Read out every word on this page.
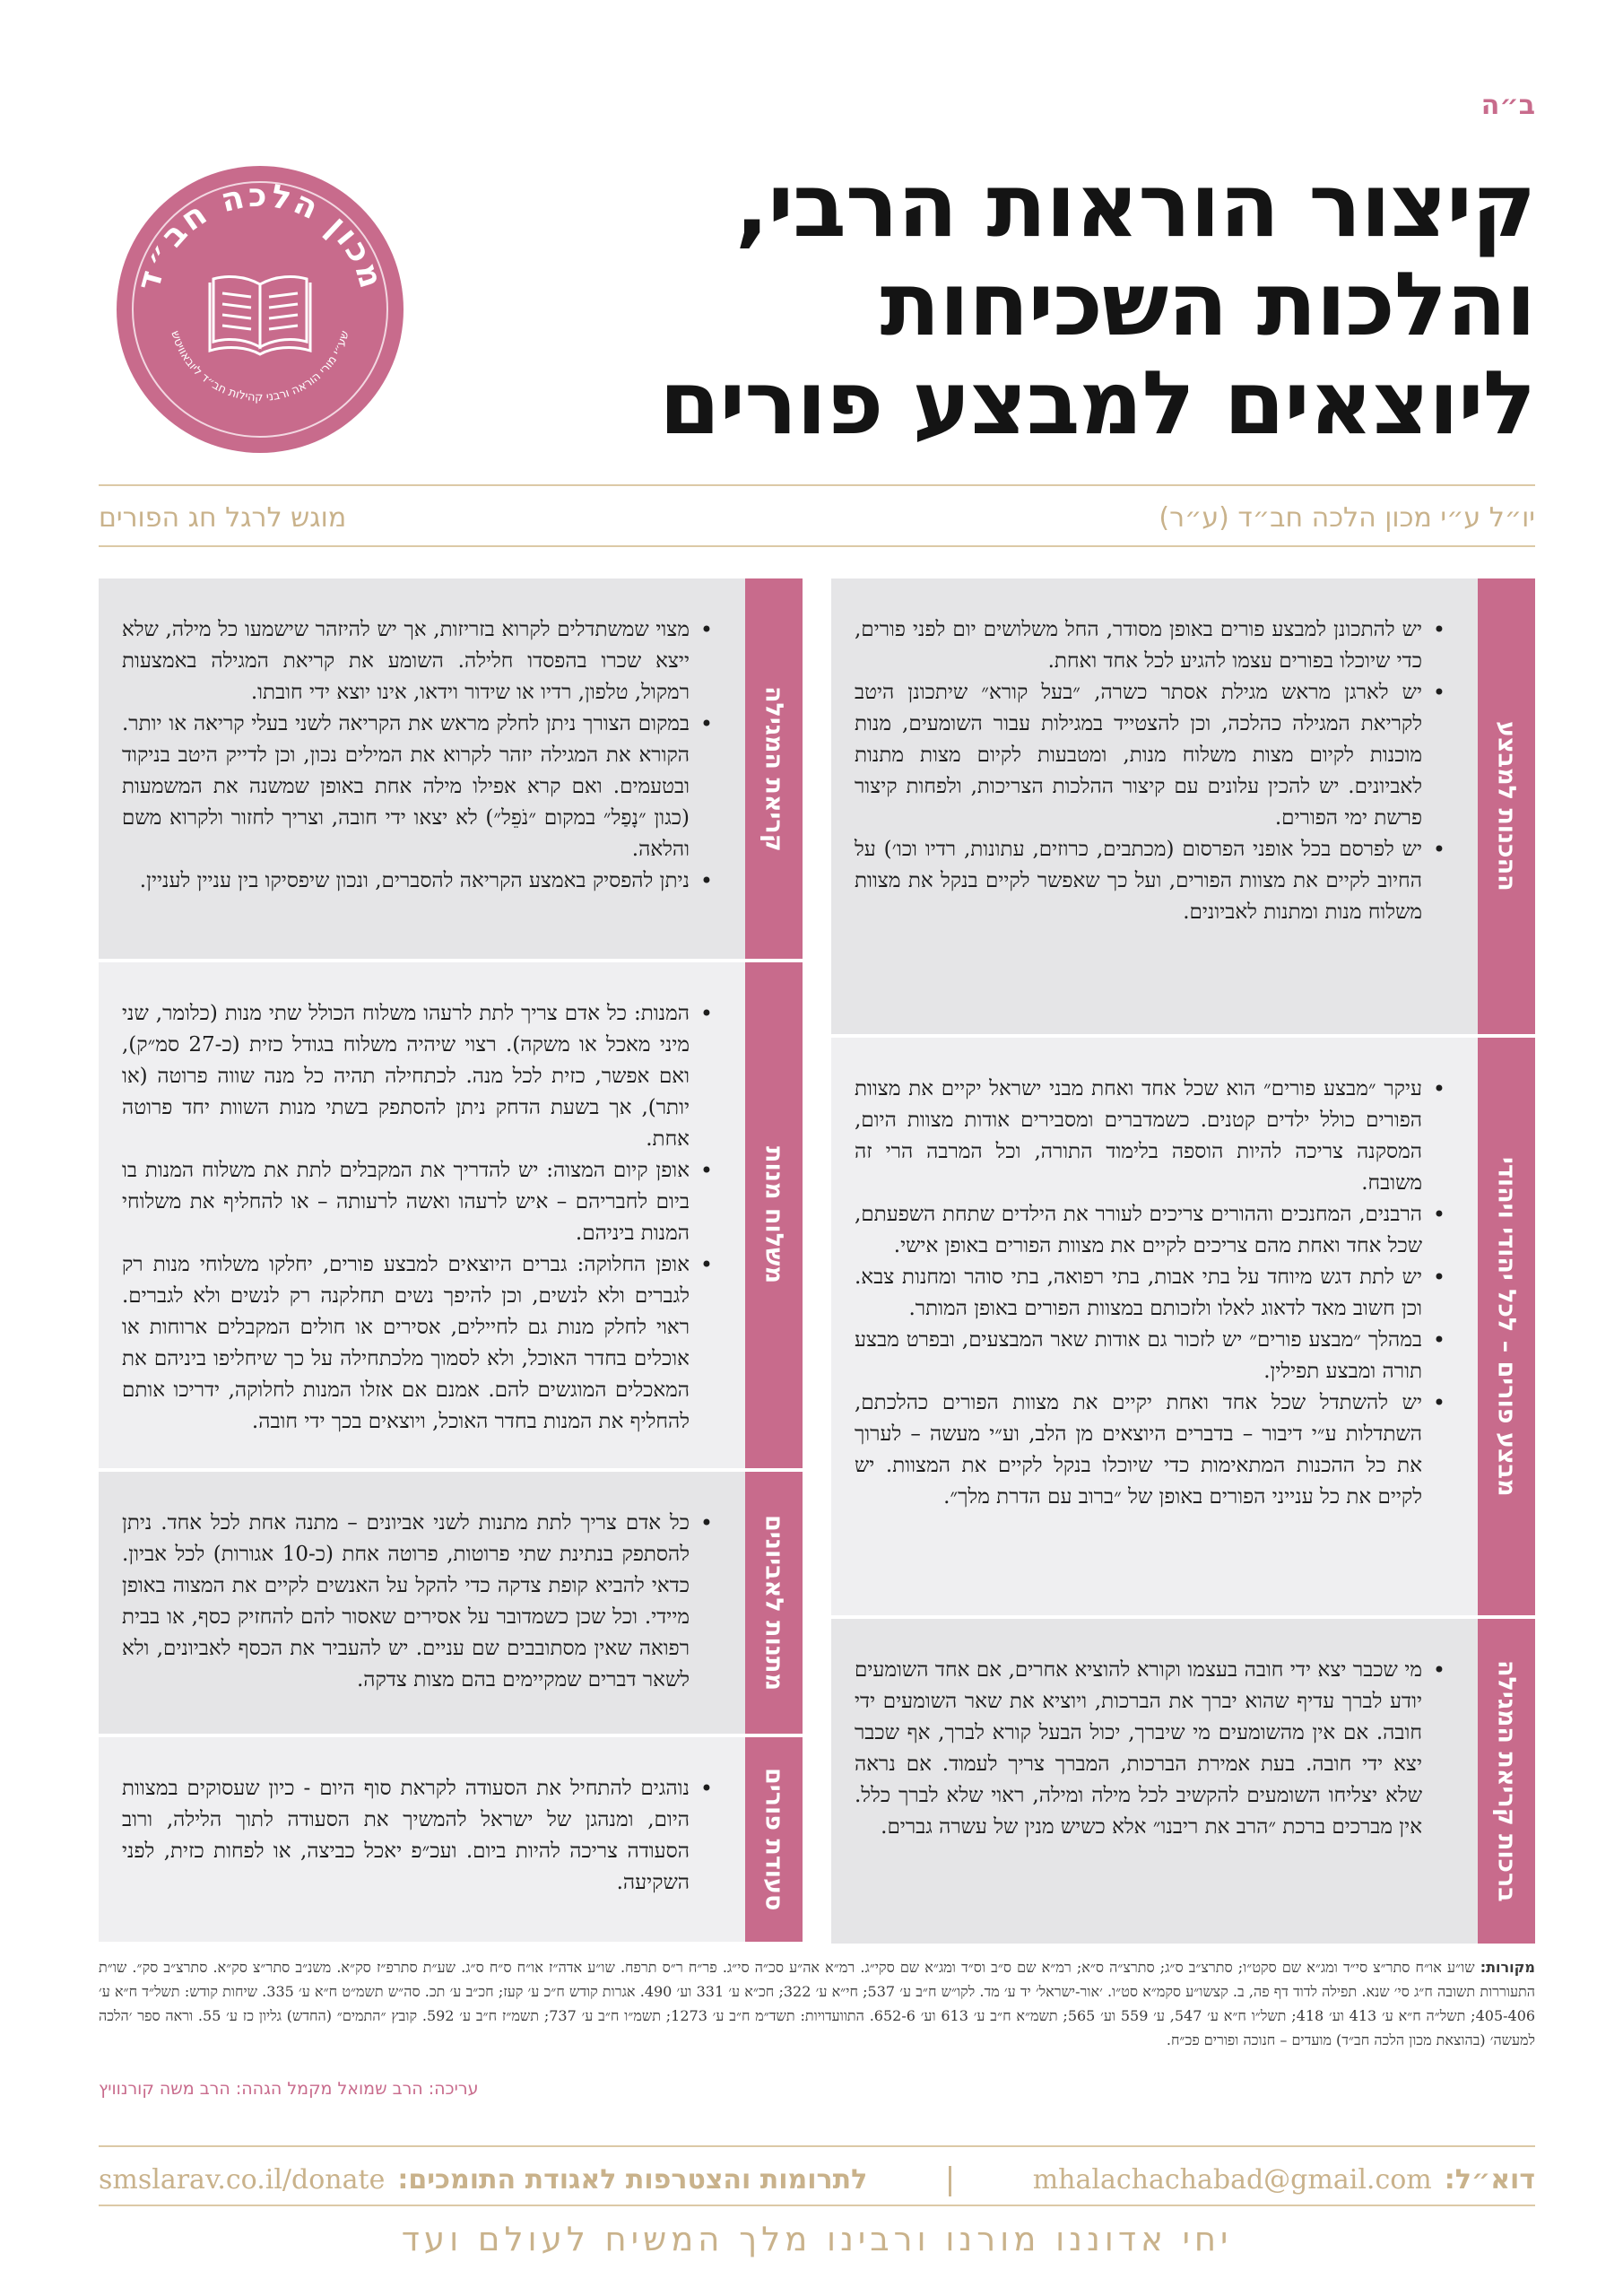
ב״ה
קיצור הוראות הרבי,
והלכות השכיחות
ליוצאים למבצע פורים
מכון הלכה חב״ד
שע״י מורי הוראה ורבני קהילות חב״ד ליובאוויטש
יו״ל ע״י מכון הלכה חב״ד (ע״ר)
מוגש לרגל חג הפורים
ההכנות למבצע
• יש להתכונן למבצע פורים באופן מסודר, החל משלושים יום לפני פורים, כדי שיוכלו בפורים עצמו להגיע לכל אחד ואחת.
• יש לארגן מראש מגילת אסתר כשרה, ״בעל קורא״ שיתכונן היטב לקריאת המגילה כהלכה, וכן להצטייד במגילות עבור השומעים, מנות מוכנות לקיום מצות משלוח מנות, ומטבעות לקיום מצות מתנות לאביונים. יש להכין עלונים עם קיצור ההלכות הצריכות, ולפחות קיצור פרשת ימי הפורים.
• יש לפרסם בכל אופני הפרסום (מכתבים, כרוזים, עתונות, רדיו וכו׳) על החיוב לקיים את מצוות הפורים, ועל כך שאפשר לקיים בנקל את מצוות משלוח מנות ומתנות לאביונים.
מבצע פורים – לכל יהודי ויהודי
• עיקר ״מבצע פורים״ הוא שכל אחד ואחת מבני ישראל יקיים את מצוות הפורים כולל ילדים קטנים. כשמדברים ומסבירים אודות מצוות היום, המסקנה צריכה להיות הוספה בלימוד התורה, וכל המרבה הרי זה משובח.
• הרבנים, המחנכים וההורים צריכים לעורר את הילדים שתחת השפעתם, שכל אחד ואחת מהם צריכים לקיים את מצוות הפורים באופן אישי.
• יש לתת דגש מיוחד על בתי אבות, בתי רפואה, בתי סוהר ומחנות צבא. וכן חשוב מאד לדאוג לאלו ולזכותם במצוות הפורים באופן המותר.
• במהלך ״מבצע פורים״ יש לזכור גם אודות שאר המבצעים, ובפרט מבצע תורה ומבצע תפילין.
• יש להשתדל שכל אחד ואחת יקיים את מצוות הפורים כהלכתם, השתדלות ע״י דיבור – בדברים היוצאים מן הלב, וע״י מעשה – לערוך את כל ההכנות המתאימות כדי שיוכלו בנקל לקיים את המצוות. יש לקיים את כל ענייני הפורים באופן של ״ברוב עם הדרת מלך״.
ברכות קריאת המגילה
• מי שכבר יצא ידי חובה בעצמו וקורא להוציא אחרים, אם אחד השומעים יודע לברך עדיף שהוא יברך את הברכות, ויוציא את שאר השומעים ידי חובה. אם אין מהשומעים מי שיברך, יכול הבעל קורא לברך, אף שכבר יצא ידי חובה. בעת אמירת הברכות, המברך צריך לעמוד. אם נראה שלא יצליחו השומעים להקשיב לכל מילה ומילה, ראוי שלא לברך כלל. אין מברכים ברכת ״הרב את ריבנו״ אלא כשיש מנין של עשרה גברים.
קריאת המגילה
• מצוי שמשתדלים לקרוא בזריזות, אך יש להיזהר שישמעו כל מילה, שלא ייצא שכרו בהפסדו חלילה. השומע את קריאת המגילה באמצעות רמקול, טלפון, רדיו או שידור וידאו, אינו יוצא ידי חובתו.
• במקום הצורך ניתן לחלק מראש את הקריאה לשני בעלי קריאה או יותר. הקורא את המגילה יזהר לקרוא את המילים נכון, וכן לדייק היטב בניקוד ובטעמים. ואם קרא אפילו מילה אחת באופן שמשנה את המשמעות (כגון ״נָפַל״ במקום ״נֹפֵל״) לא יצאו ידי חובה, וצריך לחזור ולקרוא משם והלאה.
• ניתן להפסיק באמצע הקריאה להסברים, ונכון שיפסיקו בין עניין לעניין.
משלוח מנות
• המנות: כל אדם צריך לתת לרעהו משלוח הכולל שתי מנות (כלומר, שני מיני מאכל או משקה). רצוי שיהיה משלוח בגודל כזית (כ-27 סמ״ק), ואם אפשר, כזית לכל מנה. לכתחילה תהיה כל מנה שווה פרוטה (או יותר), אך בשעת הדחק ניתן להסתפק בשתי מנות השוות יחד פרוטה אחת.
• אופן קיום המצוה: יש להדריך את המקבלים לתת את משלוח המנות בו ביום לחבריהם – איש לרעהו ואשה לרעותה – או להחליף את משלוחי המנות ביניהם.
• אופן החלוקה: גברים היוצאים למבצע פורים, יחלקו משלוחי מנות רק לגברים ולא לנשים, וכן להיפך נשים תחלקנה רק לנשים ולא לגברים. ראוי לחלק מנות גם לחיילים, אסירים או חולים המקבלים ארוחות או אוכלים בחדר האוכל, ולא לסמוך מלכתחילה על כך שיחליפו ביניהם את המאכלים המוגשים להם. אמנם אם אזלו המנות לחלוקה, ידריכו אותם להחליף את המנות בחדר האוכל, ויוצאים בכך ידי חובה.
מתנות לאביונים
• כל אדם צריך לתת מתנות לשני אביונים – מתנה אחת לכל אחד. ניתן להסתפק בנתינת שתי פרוטות, פרוטה אחת (כ-10 אגורות) לכל אביון. כדאי להביא קופת צדקה כדי להקל על האנשים לקיים את המצוה באופן מיידי. וכל שכן כשמדובר על אסירים שאסור להם להחזיק כסף, או בבית רפואה שאין מסתובבים שם עניים. יש להעביר את הכסף לאביונים, ולא לשאר דברים שמקיימים בהם מצות צדקה.
סעודת פורים
• נוהגים להתחיל את הסעודה לקראת סוף היום - כיון שעסוקים במצוות היום, ומנהגן של ישראל להמשיך את הסעודה לתוך הלילה, ורוב הסעודה צריכה להיות ביום. ועכ״פ יאכל כביצה, או לפחות כזית, לפני השקיעה.
מקורות: שו״ע או״ח סתר״צ סי״ד ומג״א שם סקט״ו; סתרצ״ב ס״ג; סתרצ״ה ס״א; רמ״א שם ס״ב וס״ד ומג״א שם סקי״ג. רמ״א אה״ע סכ״ה סי״ג. פר״ח ר״ס תרפח. שו״ע אדה״ז או״ח ס״ח ס״ג. שע״ת סתרפ״ז סק״א. משנ״ב סתר״צ סק״א. סתרצ״ב סק״. שו״ת התעוררות תשובה ח״ג סי׳ שנא. תפילה לדוד דף פה, ב. קצשו״ע סקמ״א סט״ו. ׳אור-ישראל׳ יד ע׳ מד. לקו״ש ח״ב ע׳ 537; חי״א ע׳ 322; חכ״א ע׳ 331 וע׳ 490. אגרות קודש ח״כ ע׳ קעז; חכ״ב ע׳ תכ. סה״ש תשמ״ט ח״א ע׳ 335. שיחות קודש: תשל״ד ח״א ע׳ 405-406; תשל״ה ח״א ע׳ 413 וע׳ 418; תשל״ו ח״א ע׳ 547, ע׳ 559 וע׳ 565; תשמ״א ח״ב ע׳ 613 וע׳ 652-6. התוועדויות: תשד״מ ח״ב ע׳ 1273; תשמ״ו ח״ב ע׳ 737; תשמ״ז ח״ב ע׳ 592. קובץ ״התמים״ (החדש) גליון כז ע׳ 55. וראה ספר ׳הלכה למעשה׳ (בהוצאת מכון הלכה חב״ד) מועדים – חנוכה ופורים פכ״ח.
עריכה: הרב שמואל מקמל הגהה: הרב משה קורנוויץ
דוא״ל:
mhalachachabad@gmail.com
|
לתרומות והצטרפות לאגודת התומכים:
smslarav.co.il/donate
יחי אדוננו מורנו ורבינו מלך המשיח לעולם ועד
